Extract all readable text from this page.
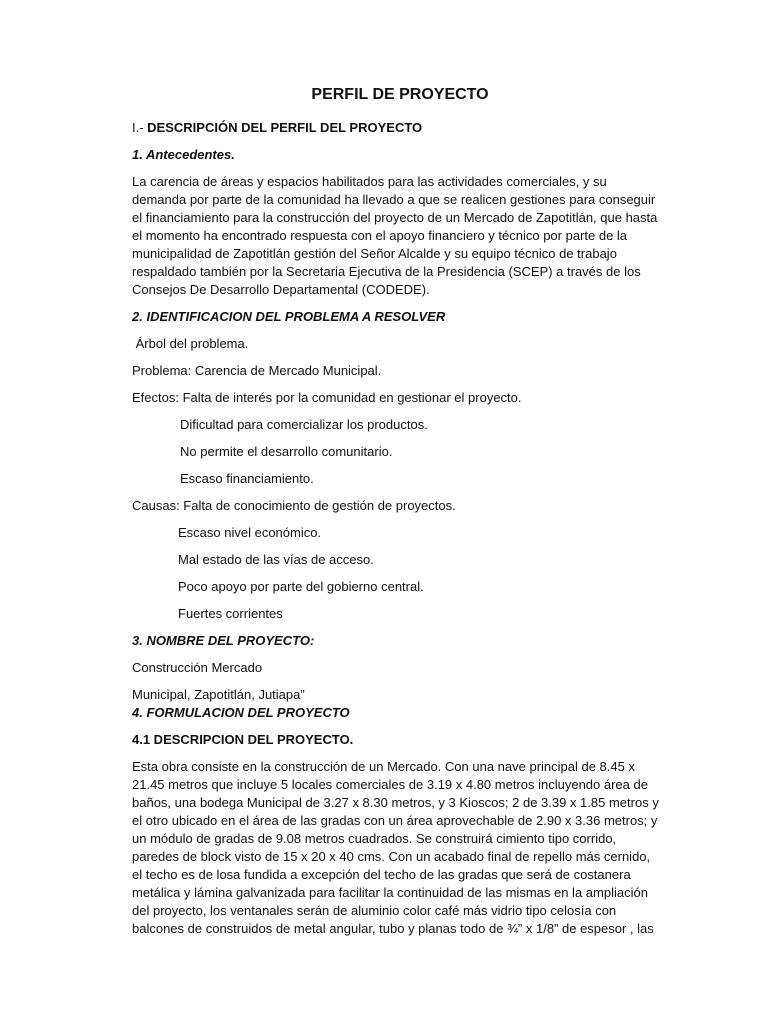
PERFIL DE PROYECTO

I.- DESCRIPCIÓN DEL PERFIL DEL PROYECTO

1. Antecedentes.

La carencia de áreas y espacios habilitados para las actividades comerciales, y su demanda por parte de la comunidad ha llevado a que se realicen gestiones para conseguir el financiamiento para la construcción del proyecto de un Mercado de Zapotitlán, que hasta el momento ha encontrado respuesta con el apoyo financiero y técnico por parte de la municipalidad de Zapotitlán gestión del Señor Alcalde y su equipo técnico de trabajo respaldado también por la Secretaria Ejecutiva de la Presidencia (SCEP) a través de los Consejos De Desarrollo Departamental (CODEDE).

2. IDENTIFICACION DEL PROBLEMA A RESOLVER

Árbol del problema.

Problema: Carencia de Mercado Municipal.

Efectos: Falta de interés por la comunidad en gestionar el proyecto.

Dificultad para comercializar los productos.

No permite el desarrollo comunitario.

Escaso financiamiento.

Causas: Falta de conocimiento de gestión de proyectos.

Escaso nivel económico.

Mal estado de las vías de acceso.

Poco apoyo por parte del gobierno central.

Fuertes corrientes

3. NOMBRE DEL PROYECTO:

Construcción Mercado

Municipal, Zapotitlán, Jutiapa”

4. FORMULACION DEL PROYECTO

4.1 DESCRIPCION DEL PROYECTO.

Esta obra consiste en la construcción de un Mercado. Con una nave principal de 8.45 x 21.45 metros que incluye 5 locales comerciales de 3.19 x 4.80 metros incluyendo área de baños, una bodega Municipal de 3.27 x 8.30 metros, y 3 Kioscos; 2 de 3.39 x 1.85 metros y el otro ubicado en el área de las gradas con un área aprovechable de 2.90 x 3.36 metros; y un módulo de gradas de 9.08 metros cuadrados. Se construirá cimiento tipo corrido, paredes de block visto de 15 x 20 x 40 cms. Con un acabado final de repello más cernido, el techo es de losa fundida a excepción del techo de las gradas que será de costanera metálica y lámina galvanizada para facilitar la continuidad de las mismas en la ampliación del proyecto, los ventanales serán de aluminio color café más vidrio tipo celosía con balcones de construidos de metal angular, tubo y planas todo de ¾” x 1/8” de espesor , las
